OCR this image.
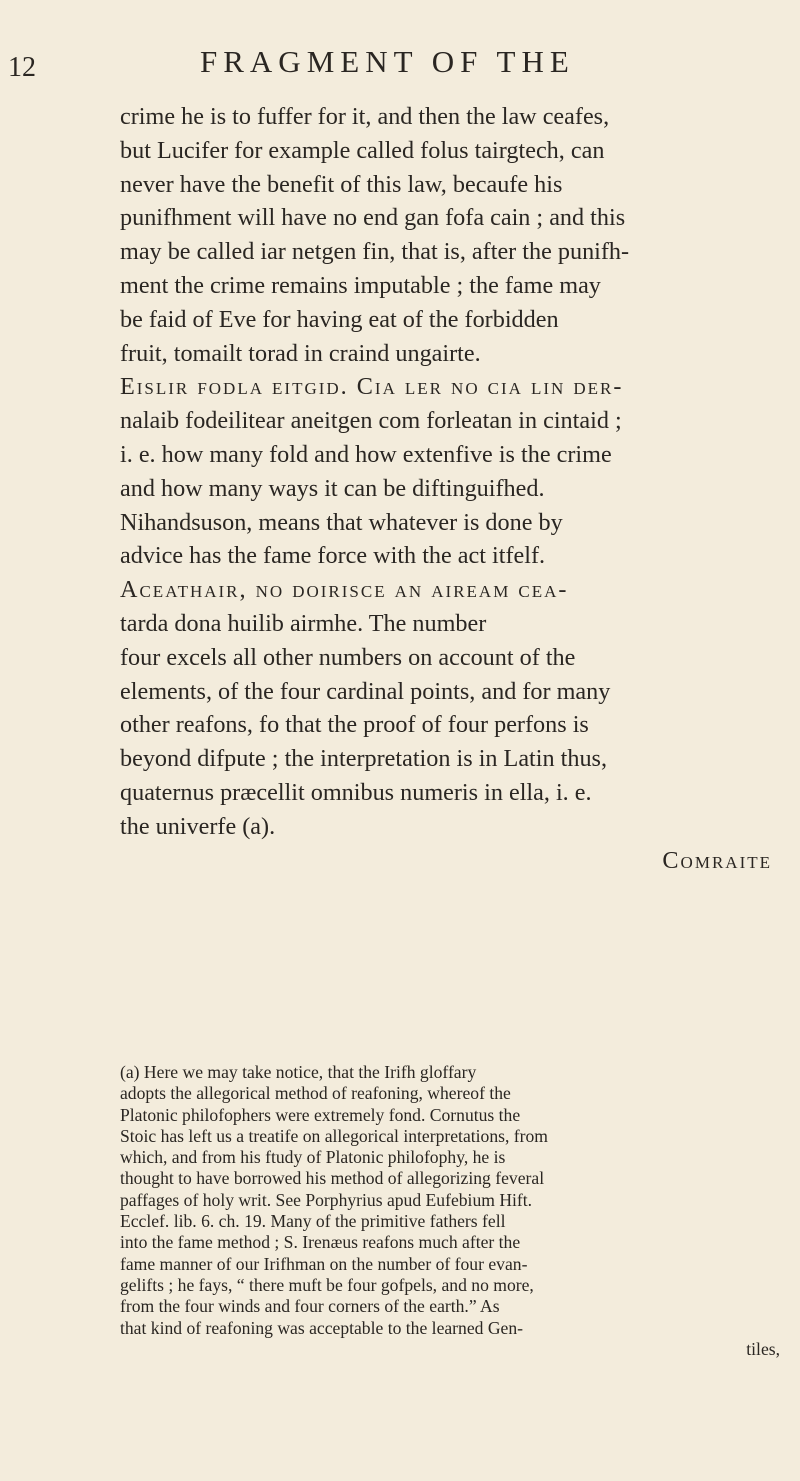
12	FRAGMENT OF THE
crime he is to fuffer for it, and then the law ceafes,
but Lucifer for example called folus tairgtech, can
never have the benefit of this law, becaufe his
punifhment will have no end gan fofa cain ; and this
may be called iar netgen fin, that is, after the punifh-
ment the crime remains imputable ; the fame may
be faid of Eve for having eat of the forbidden
fruit, tomailt torad in craind ungairte.
Eislir fodla eitgid. Cia ler no cia lin der-
nalaib fodeilitear aneitgen com forleatan in cintaid ;
i. e. how many fold and how extenfive is the crime
and how many ways it can be diftinguifhed.
Nihandsuson, means that whatever is done by
advice has the fame force with the act itfelf.
Aceathair, no doirisce an aiream cea-
tarda dona huilib airmhe. The number
four excels all other numbers on account of the
elements, of the four cardinal points, and for many
other reafons, fo that the proof of four perfons is
beyond difpute ; the interpretation is in Latin thus,
quaternus præcellit omnibus numeris in ella, i. e.
the univerfe (a).
Comraite
(a) Here we may take notice, that the Irifh gloffary
adopts the allegorical method of reafoning, whereof the
Platonic philofophers were extremely fond. Cornutus the
Stoic has left us a treatife on allegorical interpretations, from
which, and from his ftudy of Platonic philofophy, he is
thought to have borrowed his method of allegorizing feveral
paffages of holy writ. See Porphyrius apud Eufebium Hift.
Ecclef. lib. 6. ch. 19. Many of the primitive fathers fell
into the fame method ; S. Irenæus reafons much after the
fame manner of our Irifhman on the number of four evan-
gelifts ; he fays, “ there muft be four gofpels, and no more,
from the four winds and four corners of the earth.” As
that kind of reafoning was acceptable to the learned Gen-
tiles,
